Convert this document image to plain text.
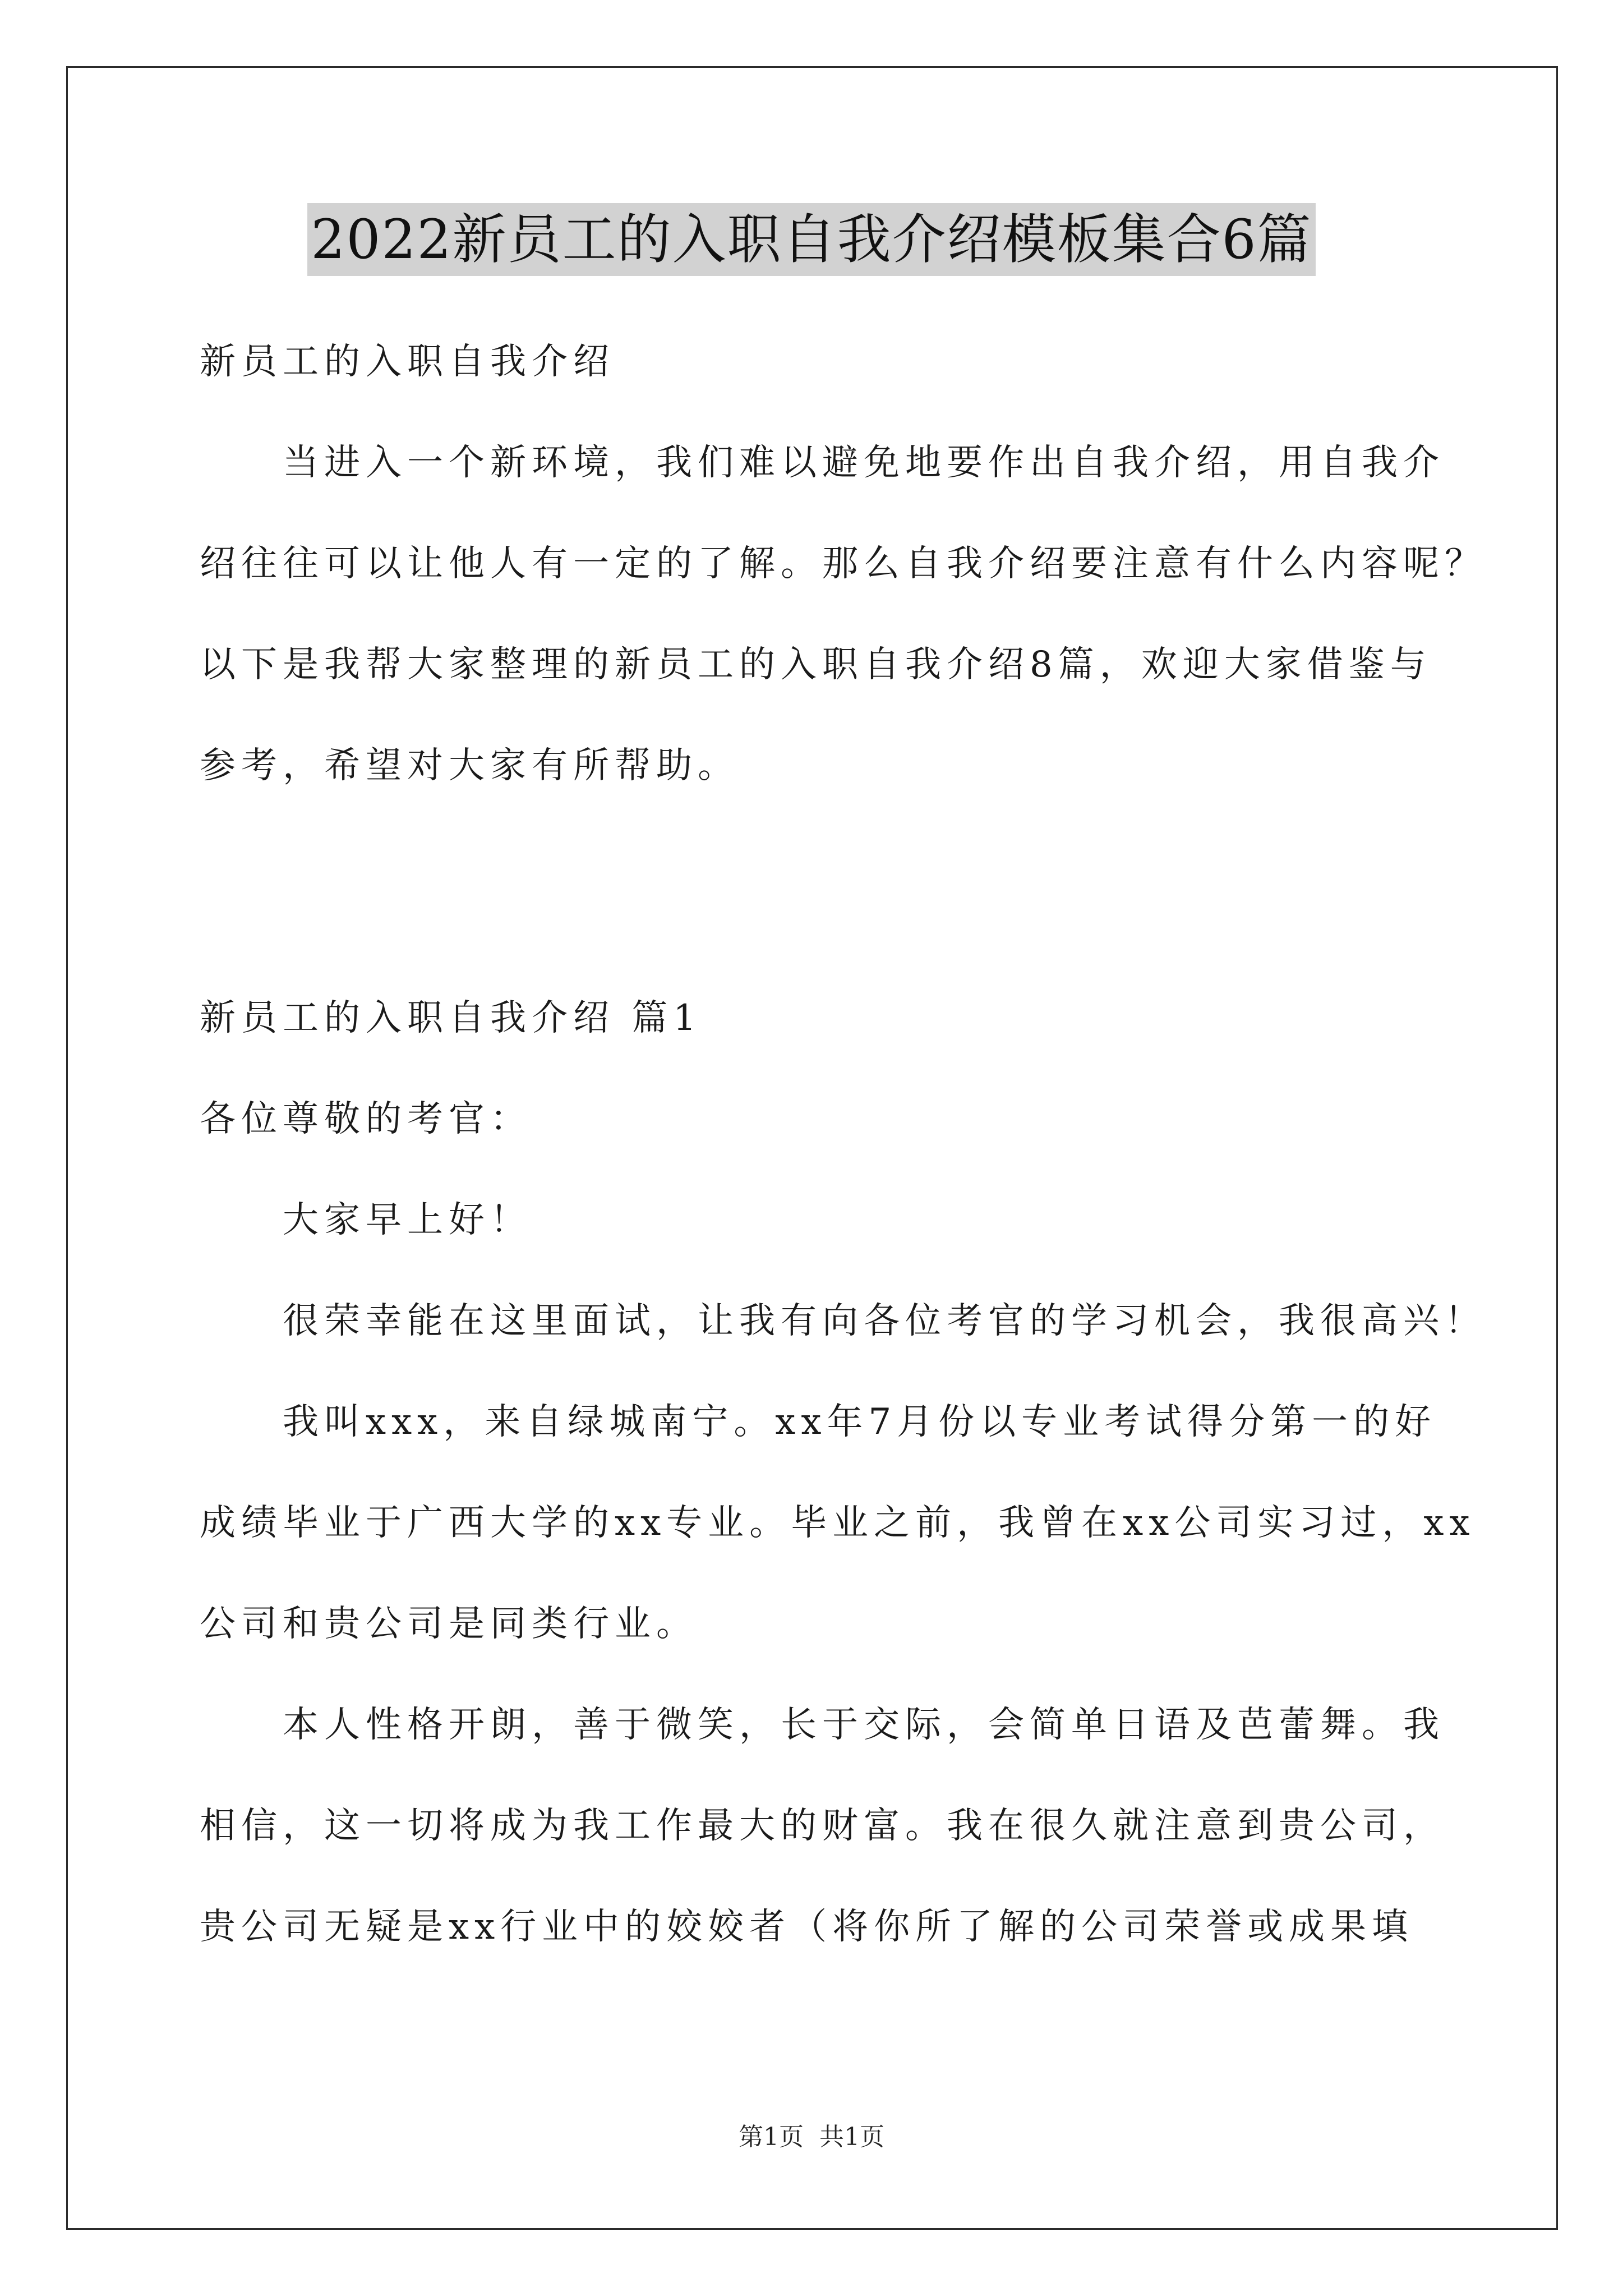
2022新员工的入职自我介绍模板集合6篇
新员工的入职自我介绍
当进入一个新环境，我们难以避免地要作出自我介绍，用自我介
绍往往可以让他人有一定的了解。那么自我介绍要注意有什么内容呢？
以下是我帮大家整理的新员工的入职自我介绍8篇，欢迎大家借鉴与
参考，希望对大家有所帮助。
新员工的入职自我介绍 篇1
各位尊敬的考官：
大家早上好！
很荣幸能在这里面试，让我有向各位考官的学习机会，我很高兴！
我叫xxx，来自绿城南宁。xx年7月份以专业考试得分第一的好
成绩毕业于广西大学的xx专业。毕业之前，我曾在xx公司实习过，xx
公司和贵公司是同类行业。
本人性格开朗，善于微笑，长于交际，会简单日语及芭蕾舞。我
相信，这一切将成为我工作最大的财富。我在很久就注意到贵公司，
贵公司无疑是xx行业中的姣姣者（将你所了解的公司荣誉或成果填
第1页 共1页
